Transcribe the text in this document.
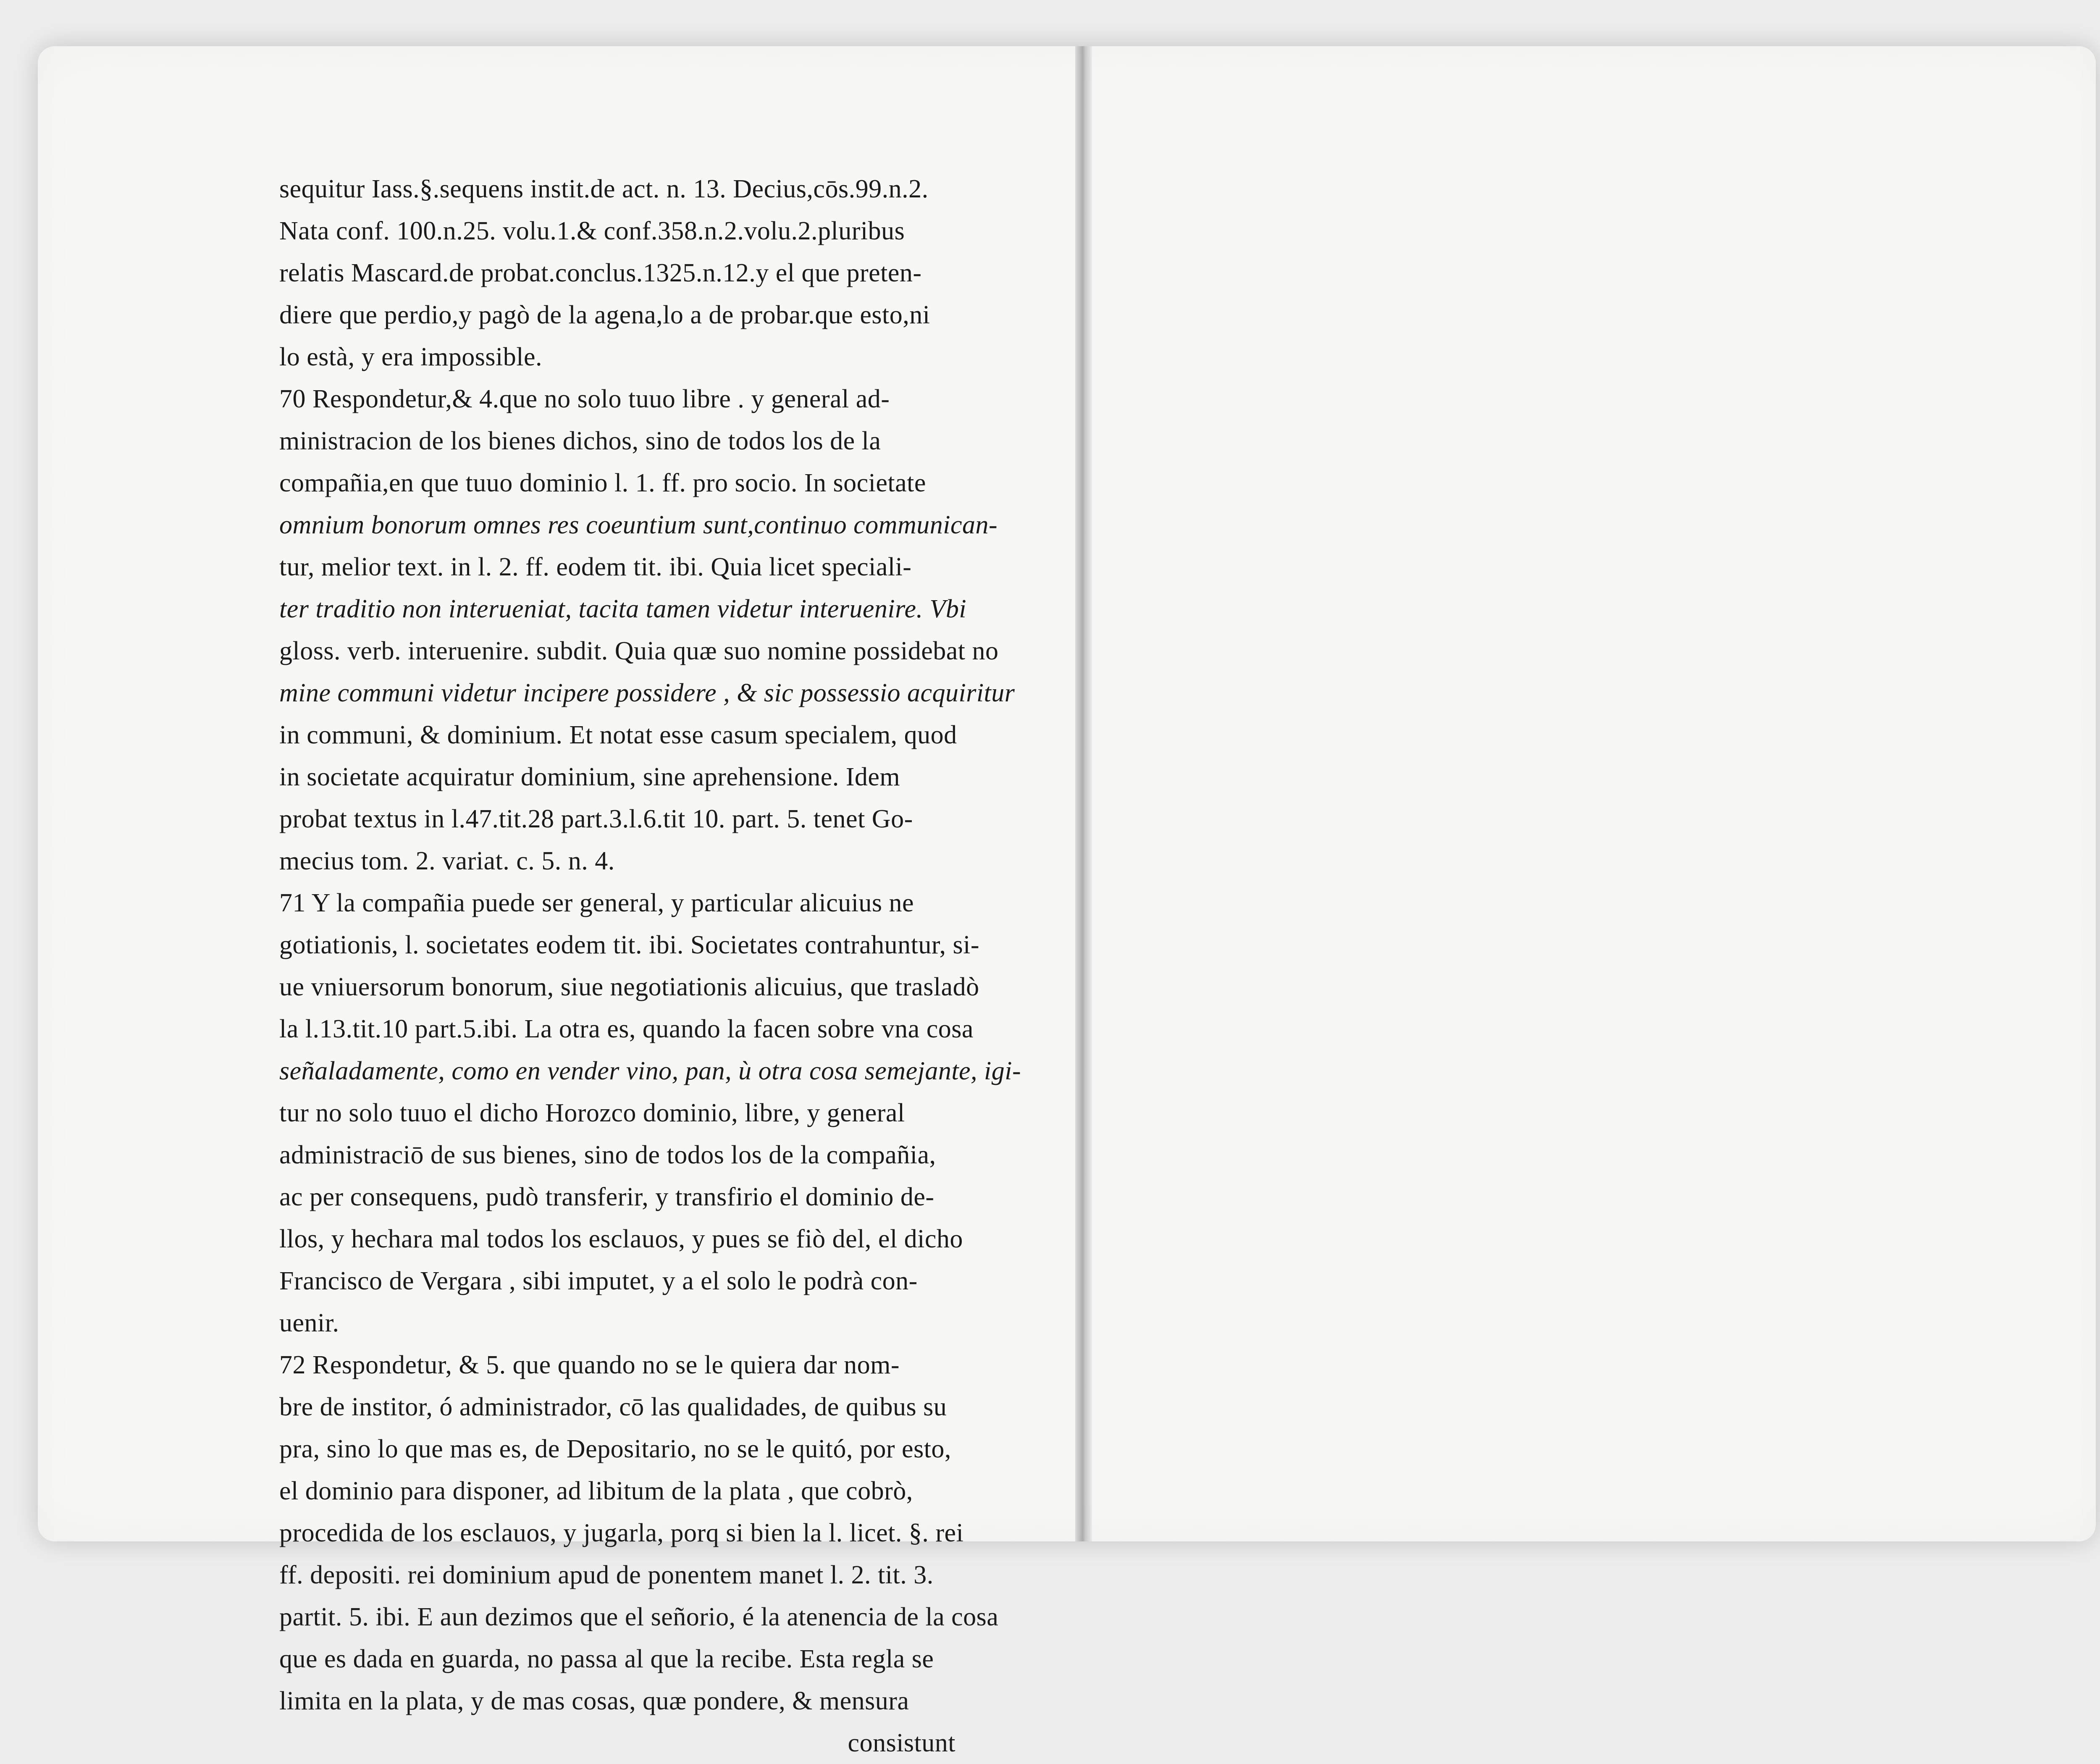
sequitur Iass.§.sequens instit.de act. n. 13. Decius,cōs.99.n.2.
Nata conf. 100.n.25. volu.1.& conf.358.n.2.volu.2.pluribus
relatis Mascard.de probat.conclus.1325.n.12.y el que preten-
diere que perdio,y pagò de la agena,lo a de probar.que esto,ni
lo està, y era impossible.
70 Respondetur,& 4.que no solo tuuo libre . y general ad-
ministracion de los bienes dichos, sino de todos los de la
compañia,en que tuuo dominio l. 1. ff. pro socio. In societate
omnium bonorum omnes res coeuntium sunt,continuo communican-
tur, melior text. in l. 2. ff. eodem tit. ibi. Quia licet speciali-
ter traditio non interueniat, tacita tamen videtur interuenire. Vbi
gloss. verb. interuenire. subdit. Quia quæ suo nomine possidebat no
mine communi videtur incipere possidere , & sic possessio acquiritur
in communi, & dominium. Et notat esse casum specialem, quod
in societate acquiratur dominium, sine aprehensione. Idem
probat textus in l.47.tit.28 part.3.l.6.tit 10. part. 5. tenet Go-
mecius tom. 2. variat. c. 5. n. 4.
71 Y la compañia puede ser general, y particular alicuius ne
gotiationis, l. societates eodem tit. ibi. Societates contrahuntur, si-
ue vniuersorum bonorum, siue negotiationis alicuius, que trasladò
la l.13.tit.10 part.5.ibi. La otra es, quando la facen sobre vna cosa
señaladamente, como en vender vino, pan, ù otra cosa semejante, igi-
tur no solo tuuo el dicho Horozco dominio, libre, y general
administraciō de sus bienes, sino de todos los de la compañia,
ac per consequens, pudò transferir, y transfirio el dominio de-
llos, y hechara mal todos los esclauos, y pues se fiò del, el dicho
Francisco de Vergara , sibi imputet, y a el solo le podrà con-
uenir.
72 Respondetur, & 5. que quando no se le quiera dar nom-
bre de institor, ó administrador, cō las qualidades, de quibus su
pra, sino lo que mas es, de Depositario, no se le quitó, por esto,
el dominio para disponer, ad libitum de la plata , que cobrò,
procedida de los esclauos, y jugarla, porq si bien la l. licet. §. rei
ff. depositi. rei dominium apud de ponentem manet l. 2. tit. 3.
partit. 5. ibi. E aun dezimos que el señorio, é la atenencia de la cosa
que es dada en guarda, no passa al que la recibe. Esta regla se
limita en la plata, y de mas cosas, quæ pondere, & mensura
consistunt
